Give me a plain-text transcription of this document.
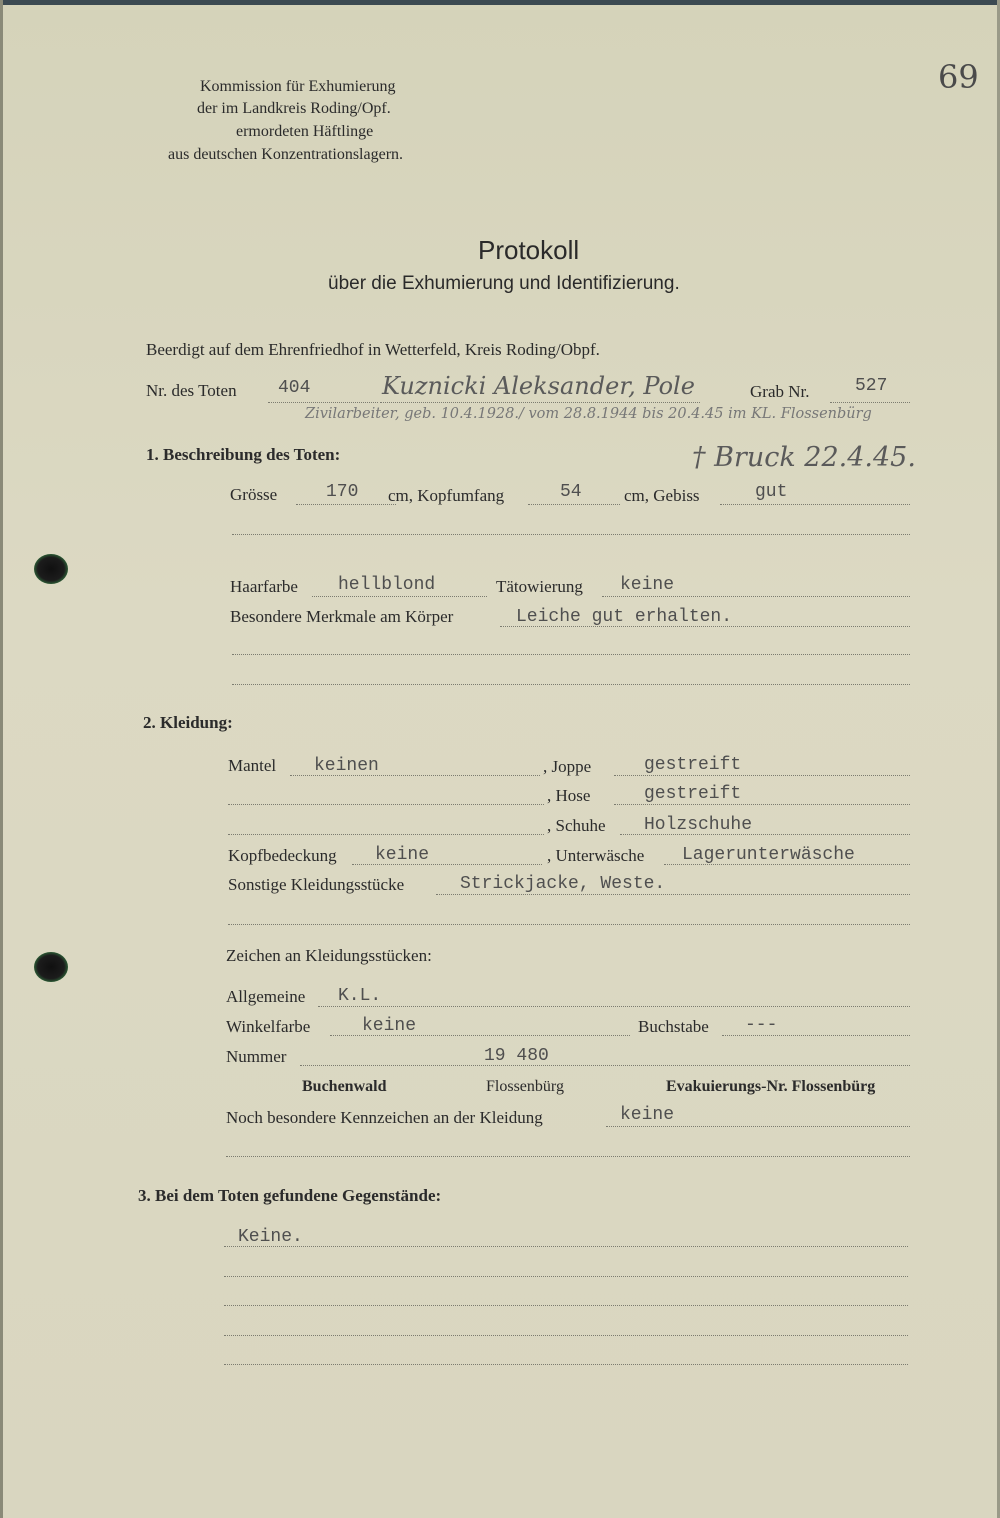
69
Kommission für Exhumierung
der im Landkreis Roding/Opf.
ermordeten Häftlinge
aus deutschen Konzentrationslagern.
Protokoll
über die Exhumierung und Identifizierung.
Beerdigt auf dem Ehrenfriedhof in Wetterfeld, Kreis Roding/Obpf.
Nr. des Toten 404	Kuznicki Aleksander, Pole	Grab Nr.	527
Zivilarbeiter, geb. 10.4.1928./ vom 28.8.1944 bis 20.4.45 im KL. Flossenbürg
1. Beschreibung des Toten:	† Bruck 22.4.45.
Grösse	170 cm, Kopfumfang	54 cm, Gebiss	gut
Haarfarbe hellblond	Tätowierung keine
Besondere Merkmale am Körper	Leiche gut erhalten.
2. Kleidung:
Mantel keinen	, Joppe	gestreift
, Hose	gestreift
, Schuhe Holzschuhe
Kopfbedeckung keine	, Unterwäsche Lagerunterwäsche
Sonstige Kleidungsstücke	Strickjacke, Weste.
Zeichen an Kleidungsstücken:
Allgemeine K.L.
Winkelfarbe	keine	Buchstabe ---
Nummer	19 480
Buchenwald	Flossenbürg	Evakuierungs-Nr. Flossenbürg
Noch besondere Kennzeichen an der Kleidung	keine
3. Bei dem Toten gefundene Gegenstände:
Keine.
